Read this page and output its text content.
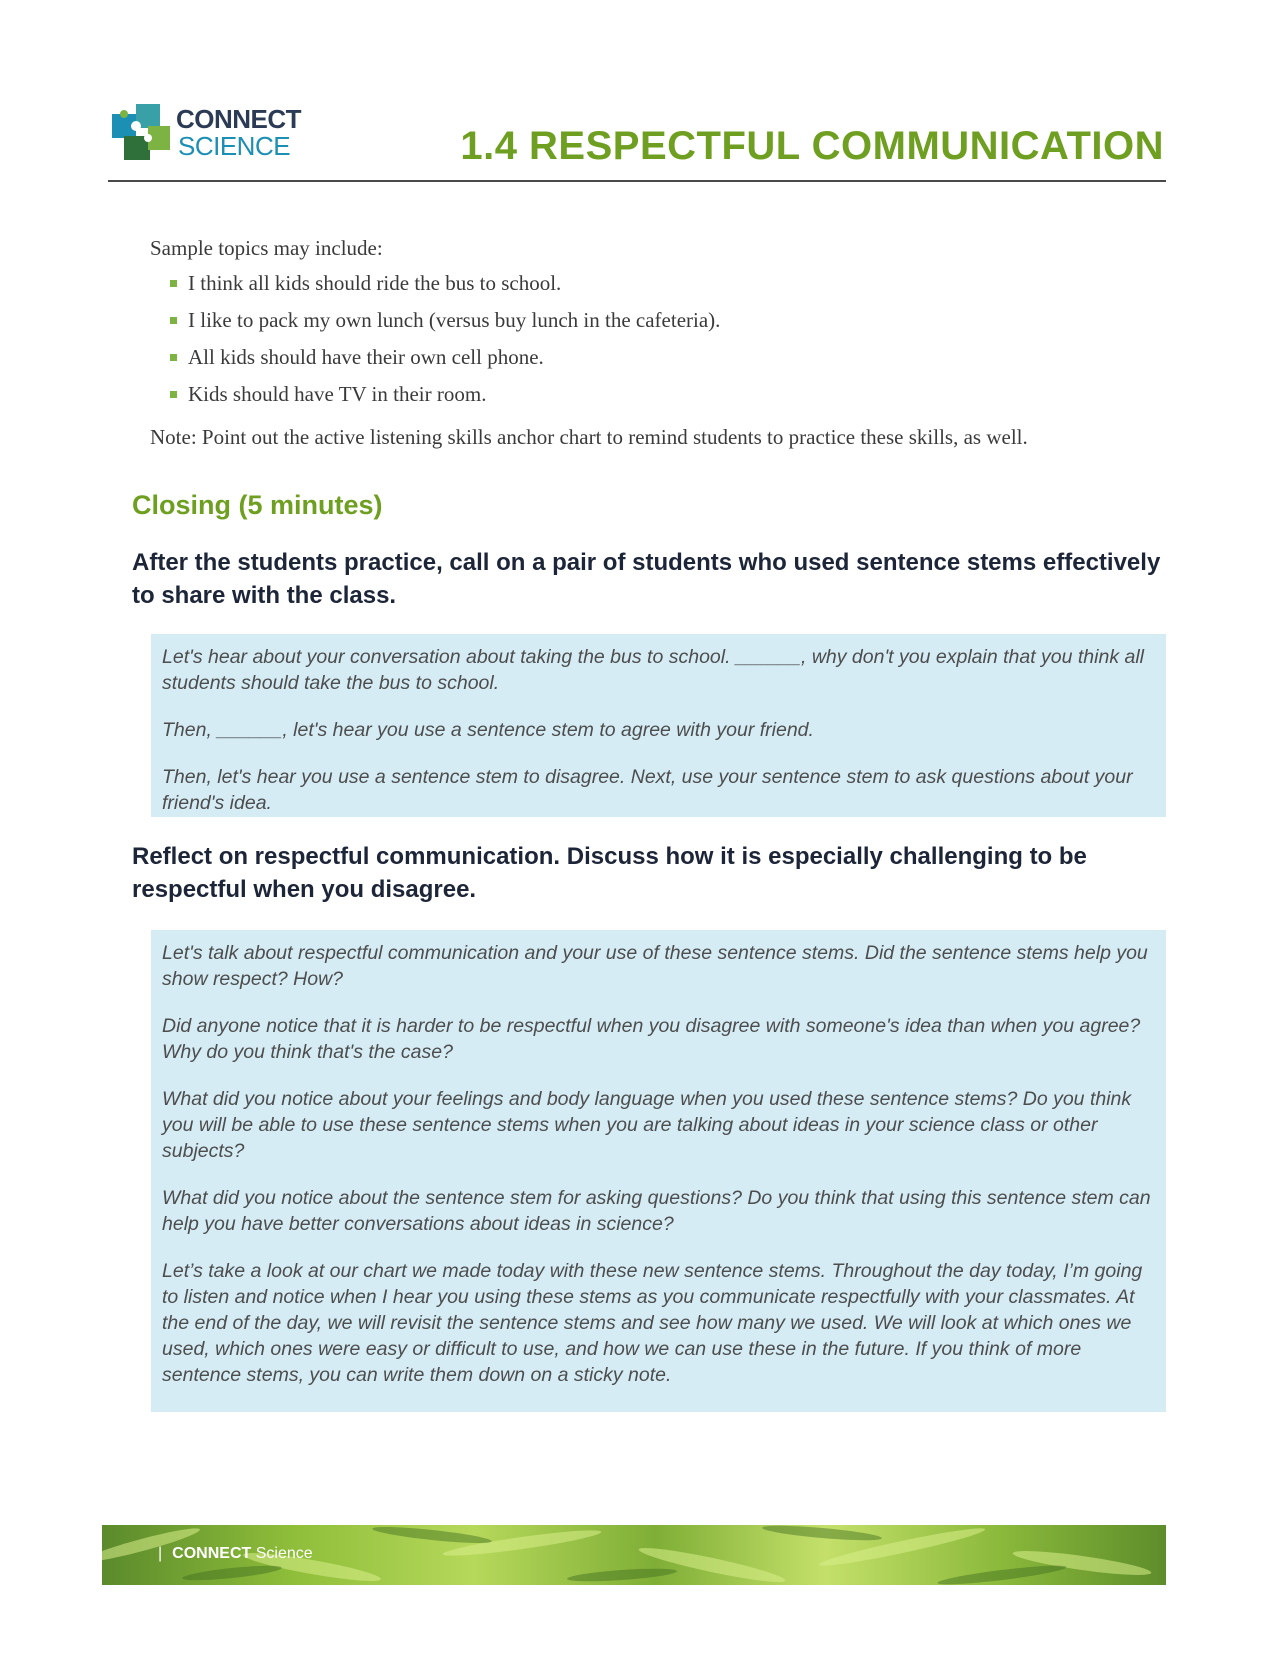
CONNECT
SCIENCE	1.4 RESPECTFUL COMMUNICATION

Sample topics may include:

I think all kids should ride the bus to school.
I like to pack my own lunch (versus buy lunch in the cafeteria).
All kids should have their own cell phone.
Kids should have TV in their room.

Note: Point out the active listening skills anchor chart to remind students to practice these skills, as well.

Closing (5 minutes)

After the students practice, call on a pair of students who used sentence stems effectively to share with the class.

Let's hear about your conversation about taking the bus to school. ______, why don't you explain that you think all students should take the bus to school.

Then, ______, let's hear you use a sentence stem to agree with your friend.

Then, let's hear you use a sentence stem to disagree. Next, use your sentence stem to ask questions about your friend's idea.

Reflect on respectful communication. Discuss how it is especially challenging to be respectful when you disagree.

Let's talk about respectful communication and your use of these sentence stems. Did the sentence stems help you show respect? How?

Did anyone notice that it is harder to be respectful when you disagree with someone's idea than when you agree? Why do you think that's the case?

What did you notice about your feelings and body language when you used these sentence stems? Do you think you will be able to use these sentence stems when you are talking about ideas in your science class or other subjects?

What did you notice about the sentence stem for asking questions? Do you think that using this sentence stem can help you have better conversations about ideas in science?

Let’s take a look at our chart we made today with these new sentence stems. Throughout the day today, I’m going to listen and notice when I hear you using these stems as you communicate respectfully with your classmates. At the end of the day, we will revisit the sentence stems and see how many we used. We will look at which ones we used, which ones were easy or difficult to use, and how we can use these in the future. If you think of more sentence stems, you can write them down on a sticky note.

| CONNECT Science
